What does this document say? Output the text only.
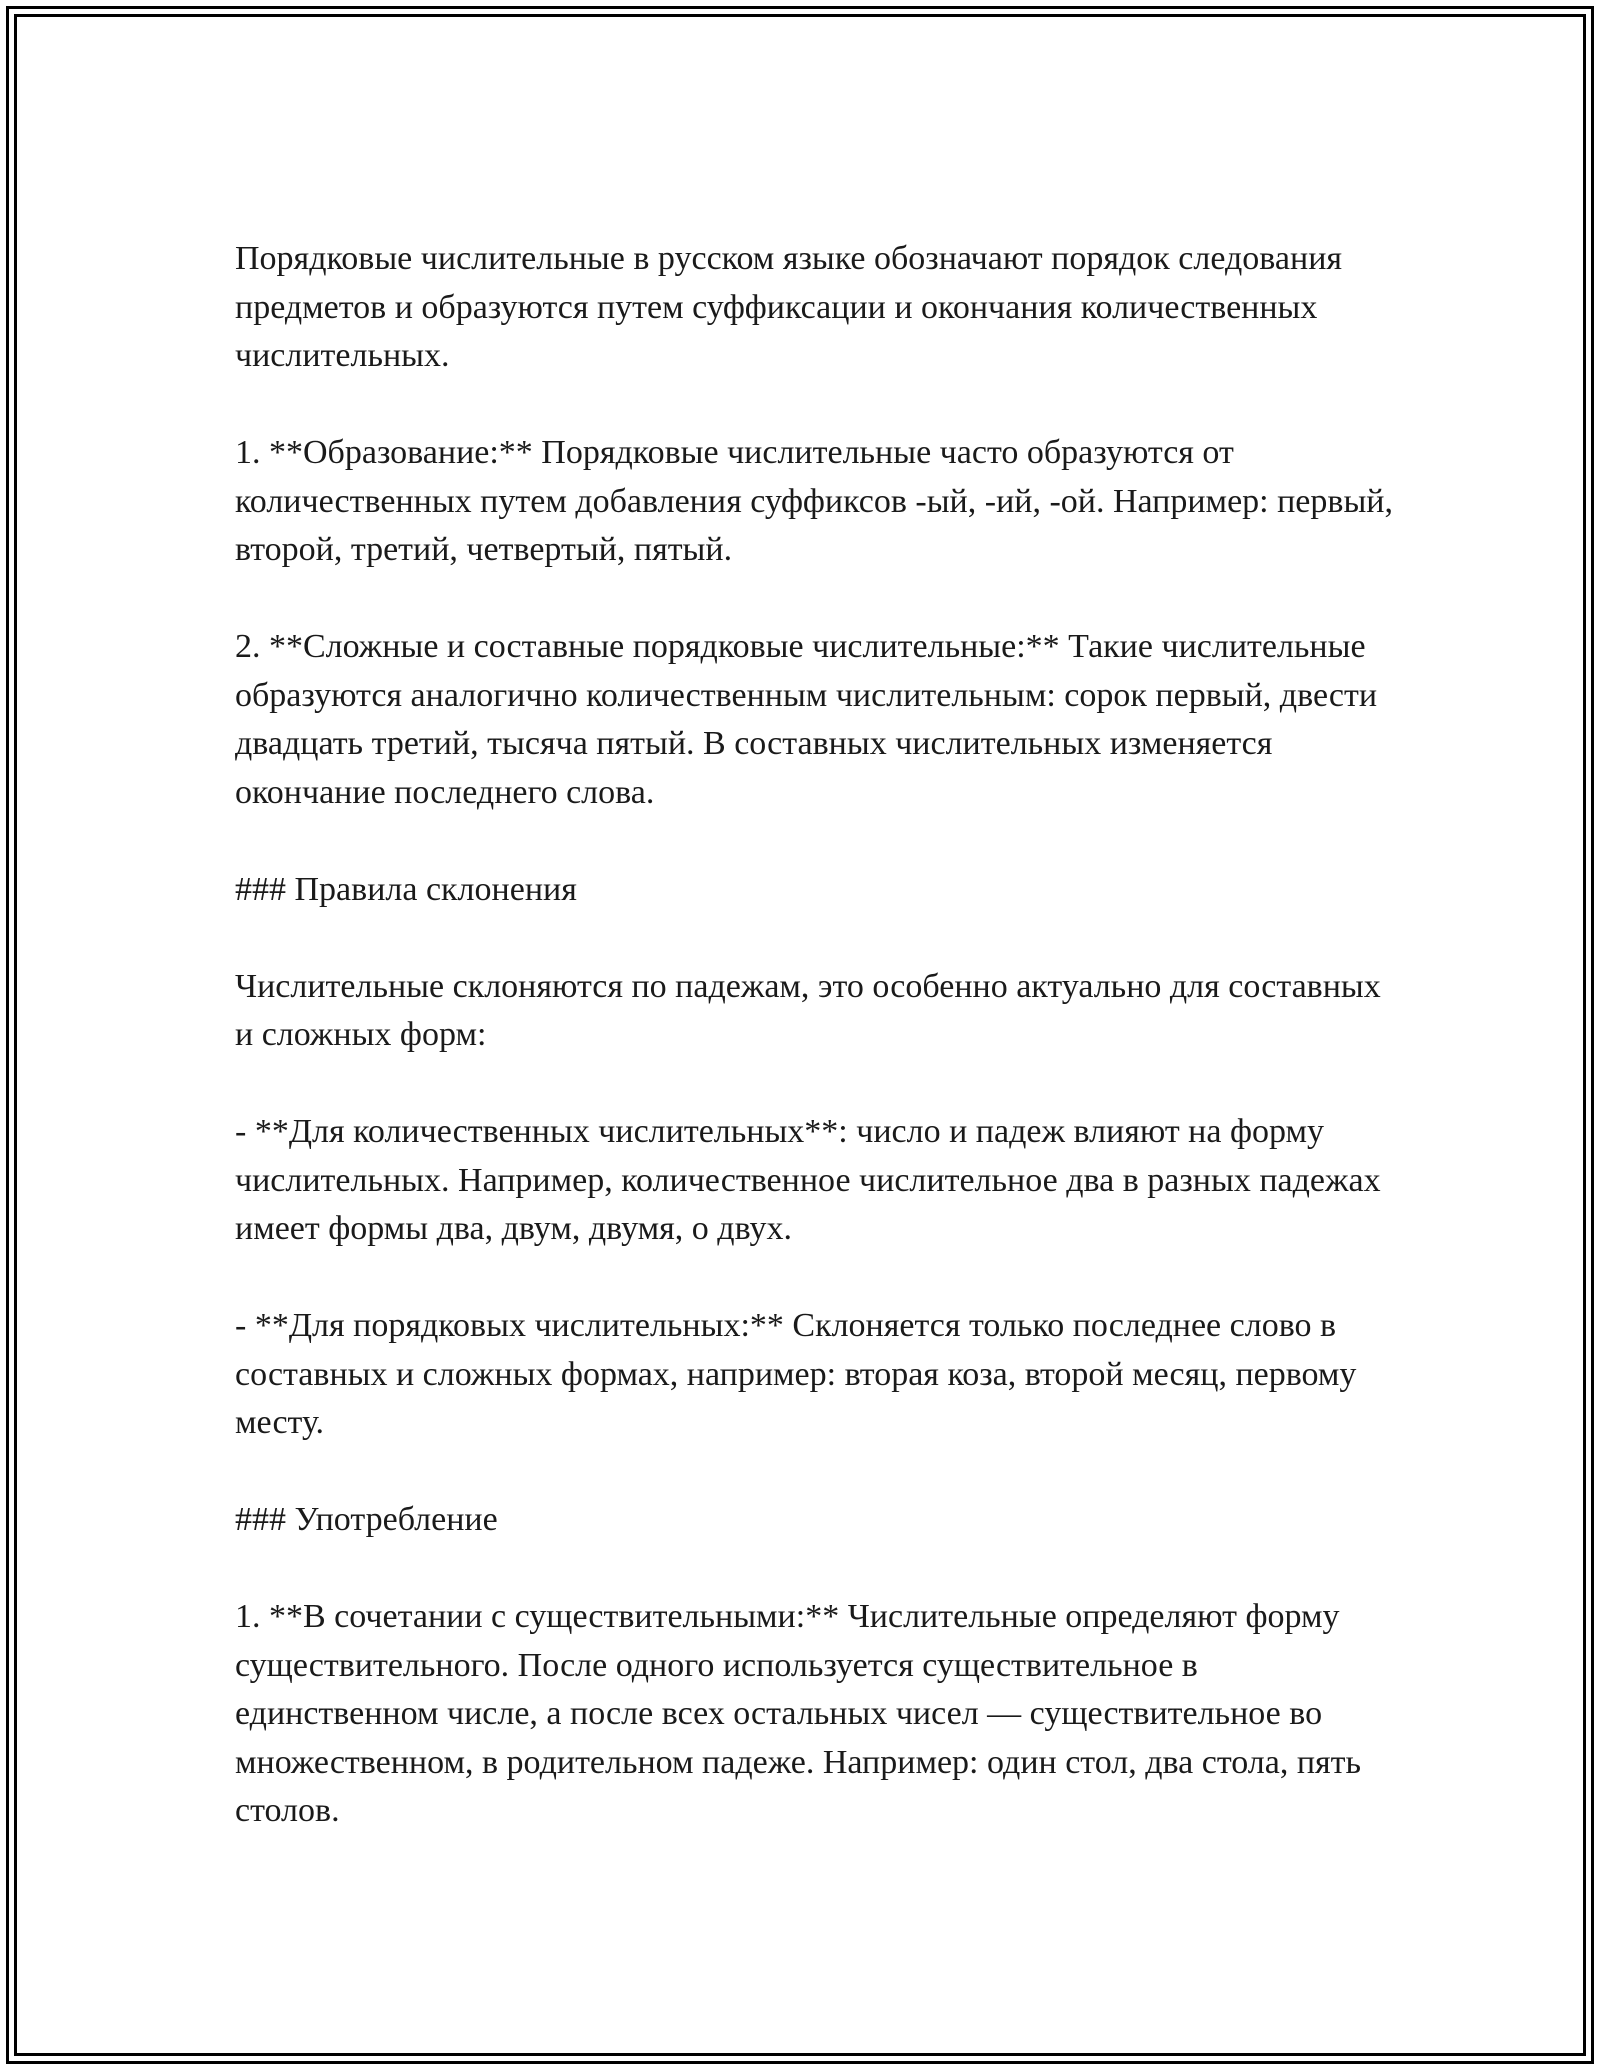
Порядковые числительные в русском языке обозначают порядок следования предметов и образуются путем суффиксации и окончания количественных числительных.

1. **Образование:** Порядковые числительные часто образуются от количественных путем добавления суффиксов -ый, -ий, -ой. Например: первый, второй, третий, четвертый, пятый.

2. **Сложные и составные порядковые числительные:** Такие числительные образуются аналогично количественным числительным: сорок первый, двести двадцать третий, тысяча пятый. В составных числительных изменяется окончание последнего слова.

### Правила склонения

Числительные склоняются по падежам, это особенно актуально для составных и сложных форм:

- **Для количественных числительных**: число и падеж влияют на форму числительных. Например, количественное числительное два в разных падежах имеет формы два, двум, двумя, о двух.

- **Для порядковых числительных:** Склоняется только последнее слово в составных и сложных формах, например: вторая коза, второй месяц, первому месту.

### Употребление

1. **В сочетании с существительными:** Числительные определяют форму существительного. После одного используется существительное в единственном числе, а после всех остальных чисел — существительное во множественном, в родительном падеже. Например: один стол, два стола, пять столов.
